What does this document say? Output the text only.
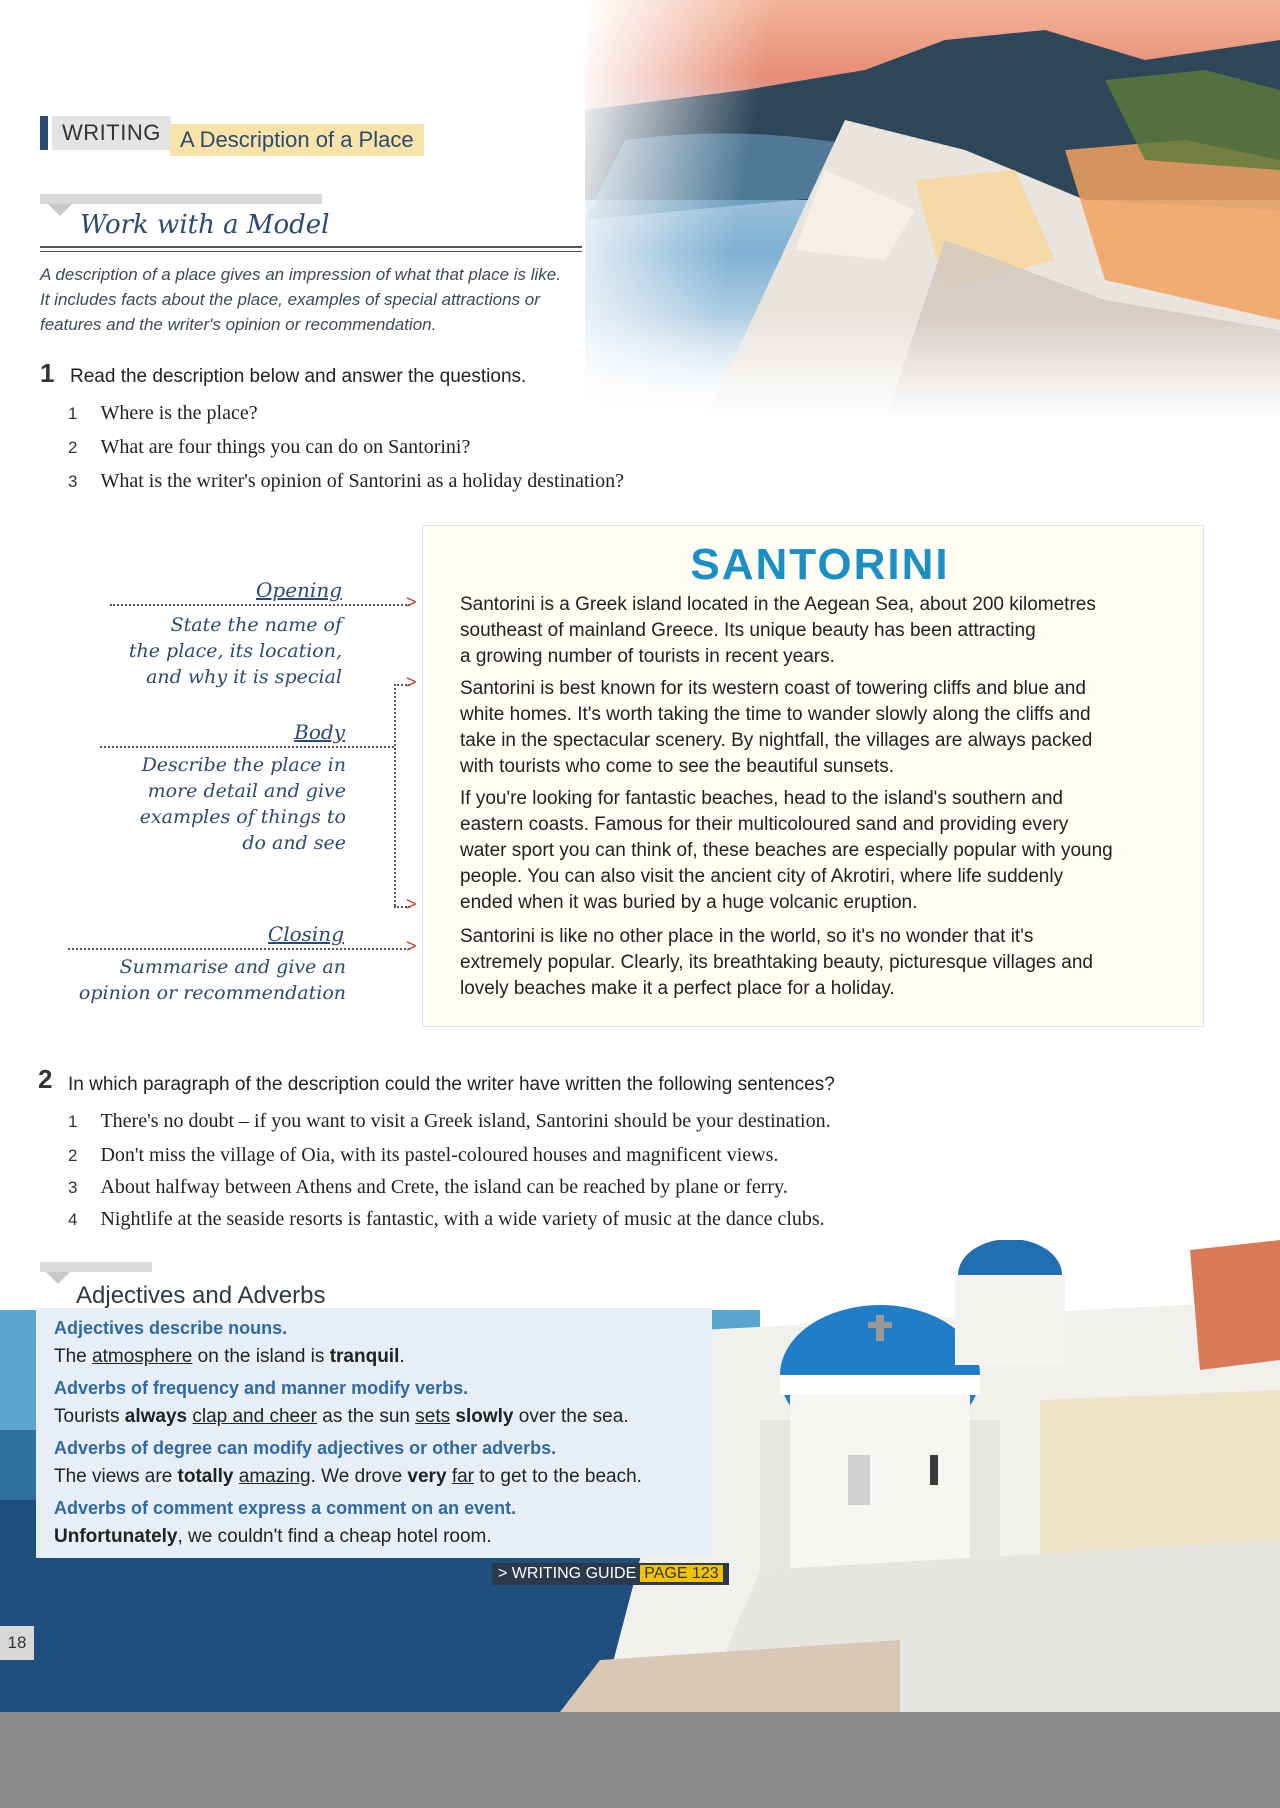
WRITING A Description of a Place
Work with a Model
A description of a place gives an impression of what that place is like.
It includes facts about the place, examples of special attractions or
features and the writer's opinion or recommendation.
1 Read the description below and answer the questions.
1 Where is the place?
2 What are four things you can do on Santorini?
3 What is the writer's opinion of Santorini as a holiday destination?
SANTORINI
Santorini is a Greek island located in the Aegean Sea, about 200 kilometres
southeast of mainland Greece. Its unique beauty has been attracting
a growing number of tourists in recent years.
Santorini is best known for its western coast of towering cliffs and blue and
white homes. It's worth taking the time to wander slowly along the cliffs and
take in the spectacular scenery. By nightfall, the villages are always packed
with tourists who come to see the beautiful sunsets.
If you're looking for fantastic beaches, head to the island's southern and
eastern coasts. Famous for their multicoloured sand and providing every
water sport you can think of, these beaches are especially popular with young
people. You can also visit the ancient city of Akrotiri, where life suddenly
ended when it was buried by a huge volcanic eruption.
Santorini is like no other place in the world, so it's no wonder that it's
extremely popular. Clearly, its breathtaking beauty, picturesque villages and
lovely beaches make it a perfect place for a holiday.
Opening	>
State the name of
the place, its location,
and why it is special
Body
>
>
Describe the place in
more detail and give
examples of things to
do and see
Closing	>
Summarise and give an
opinion or recommendation
2 In which paragraph of the description could the writer have written the following sentences?
1 There's no doubt – if you want to visit a Greek island, Santorini should be your destination.
2 Don't miss the village of Oia, with its pastel-coloured houses and magnificent views.
3 About halfway between Athens and Crete, the island can be reached by plane or ferry.
4 Nightlife at the seaside resorts is fantastic, with a wide variety of music at the dance clubs.
Adjectives and Adverbs
Adjectives describe nouns.
The atmosphere on the island is tranquil.
Adverbs of frequency and manner modify verbs.
Tourists always clap and cheer as the sun sets slowly over the sea.
Adverbs of degree can modify adjectives or other adverbs.
The views are totally amazing. We drove very far to get to the beach.
Adverbs of comment express a comment on an event.
Unfortunately, we couldn't find a cheap hotel room.
> WRITING GUIDE PAGE 123
18
